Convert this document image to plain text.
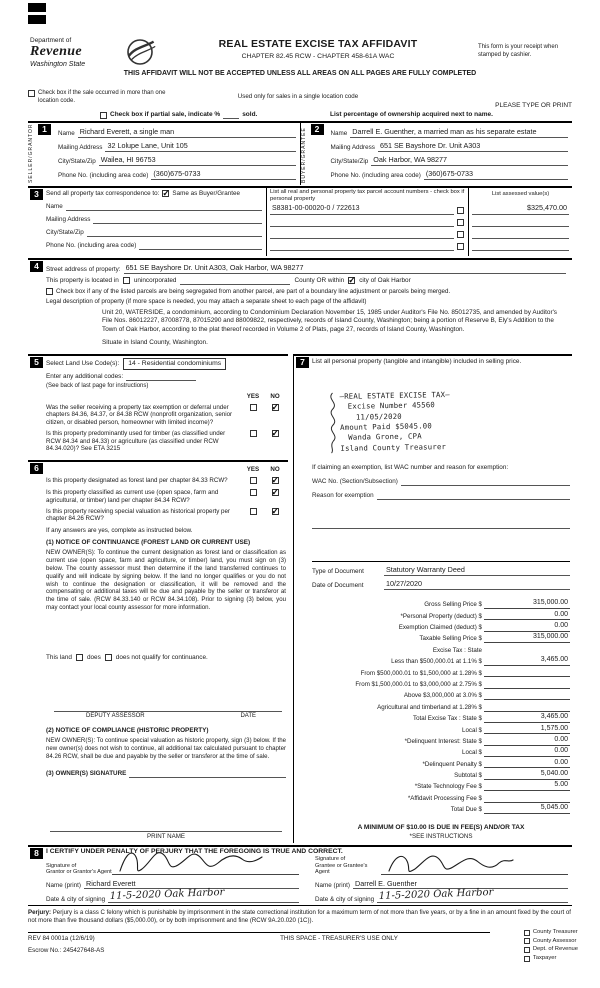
Department of
Revenue
Washington State
REAL ESTATE EXCISE TAX AFFIDAVIT
CHAPTER 82.45 RCW - CHAPTER 458-61A WAC
THIS AFFIDAVIT WILL NOT BE ACCEPTED UNLESS ALL AREAS ON ALL PAGES ARE FULLY COMPLETED
This form is your receipt when stamped by cashier.
Check box if the sale occurred in more than one location code.
Used only for sales in a single location code
PLEASE TYPE OR PRINT
Check box if partial sale, indicate %	sold.	List percentage of ownership acquired next to name.
1
SELLER/GRANTOR	Name Richard Everett, a single man
Mailing Address 32 Lolupe Lane, Unit 105
City/State/Zip Wailea, HI 96753
Phone No. (including area code) (360)675-0733
2
BUYER/GRANTEE	Name Darrell E. Guenther, a married man as his separate estate
Mailing Address 651 SE Bayshore Dr. Unit A303
City/State/Zip Oak Harbor, WA 98277
Phone No. (including area code) (360)675-0733
3	Send all property tax correspondence to: ✓ Same as Buyer/Grantee
Name
Mailing Address
City/State/Zip
Phone No. (including area code)
List all real and personal property tax parcel account numbers - check box if personal property
S8381-00-00020-0 / 722613
List assessed value(s)
$325,470.00
4	Street address of property: 651 SE Bayshore Dr. Unit A303, Oak Harbor, WA 98277
This property is located in unincorporated	County OR within ✓ city of Oak Harbor
Check box if any of the listed parcels are being segregated from another parcel, are part of a boundary line adjustment or parcels being merged.
Legal description of property (if more space is needed, you may attach a separate sheet to each page of the affidavit)
Unit 20, WATERSIDE, a condominium, according to Condominium Declaration November 15, 1985 under Auditor's File No. 85012735, and amended by Auditor's File Nos. 86012227, 87008778, 87015290 and 88009822, respectively, records of Island County, Washington; being a portion of Reserve B, Ely's Addition to the Town of Oak Harbor, according to the plat thereof recorded in Volume 2 of Plats, page 27, records of Island County, Washington.
Situate in Island County, Washington.
5	Select Land Use Code(s):	14 - Residential condominiums
Enter any additional codes:
(See back of last page for instructions)
YES	NO
Was the seller receiving a property tax exemption or deferral under chapters 84.36, 84.37, or 84.38 RCW (nonprofit organization, senior citizen, or disabled person, homeowner with limited income)?
✓
Is this property predominantly used for timber (as classified under RCW 84.34 and 84.33) or agriculture (as classified under RCW 84.34.020)? See ETA 3215
✓
6	YES	NO
Is this property designated as forest land per chapter 84.33 RCW?
✓
Is this property classified as current use (open space, farm and agricultural, or timber) land per chapter 84.34 RCW?
✓
Is this property receiving special valuation as historical property per chapter 84.26 RCW?
✓
If any answers are yes, complete as instructed below.
(1) NOTICE OF CONTINUANCE (FOREST LAND OR CURRENT USE)
NEW OWNER(S): To continue the current designation as forest land or classification as current use (open space, farm and agriculture, or timber) land, you must sign on (3) below. The county assessor must then determine if the land transferred continues to qualify and will indicate by signing below. If the land no longer qualifies or you do not wish to continue the designation or classification, it will be removed and the compensating or additional taxes will be due and payable by the seller or transferor at the time of sale. (RCW 84.33.140 or RCW 84.34.108). Prior to signing (3) below, you may contact your local county assessor for more information.
This land does does not qualify for continuance.
DEPUTY ASSESSOR	DATE
(2) NOTICE OF COMPLIANCE (HISTORIC PROPERTY)
NEW OWNER(S): To continue special valuation as historic property, sign (3) below. If the new owner(s) does not wish to continue, all additional tax calculated pursuant to chapter 84.26 RCW, shall be due and payable by the seller or transferor at the time of sale.
(3) OWNER(S) SIGNATURE
PRINT NAME
7	List all personal property (tangible and intangible) included in selling price.
—REAL ESTATE EXCISE TAX—
Excise Number 45560
11/05/2020
Amount Paid $5045.00
Wanda Grone, CPA
Island County Treasurer
If claiming an exemption, list WAC number and reason for exemption:
WAC No. (Section/Subsection)
Reason for exemption
Type of Document	Statutory Warranty Deed
Date of Document	10/27/2020
Gross Selling Price $	315,000.00
*Personal Property (deduct) $	0.00
Exemption Claimed (deduct) $	0.00
Taxable Selling Price $	315,000.00
Excise Tax : State
Less than $500,000.01 at 1.1% $	3,465.00
From $500,000.01 to $1,500,000 at 1.28% $
From $1,500,000.01 to $3,000,000 at 2.75% $
Above $3,000,000 at 3.0% $
Agricultural and timberland at 1.28% $
Total Excise Tax : State $	3,465.00
Local $	1,575.00
*Delinquent Interest: State $	0.00
Local $	0.00
*Delinquent Penalty $	0.00
Subtotal $	5,040.00
*State Technology Fee $	5.00
*Affidavit Processing Fee $
Total Due $	5,045.00
A MINIMUM OF $10.00 IS DUE IN FEE(S) AND/OR TAX
*SEE INSTRUCTIONS
8	I CERTIFY UNDER PENALTY OF PERJURY THAT THE FOREGOING IS TRUE AND CORRECT.
Signature of
Grantor or Grantor's Agent
Name (print) Richard Everett
Date & city of signing 11-5-2020 Oak Harbor
Signature of
Grantee or Grantee's Agent
Name (print) Darrell E. Guenther
Date & city of signing 11-5-2020 Oak Harbor
Perjury: Perjury is a class C felony which is punishable by imprisonment in the state correctional institution for a maximum term of not more than five years, or by a fine in an amount fixed by the court of not more than five thousand dollars ($5,000.00), or by both imprisonment and fine (RCW 9A.20.020 (1C)).
REV 84 0001a (12/6/19)	THIS SPACE - TREASURER'S USE ONLY
Escrow No.: 245427648-AS
County Treasurer
County Assessor
Dept. of Revenue
Taxpayer
